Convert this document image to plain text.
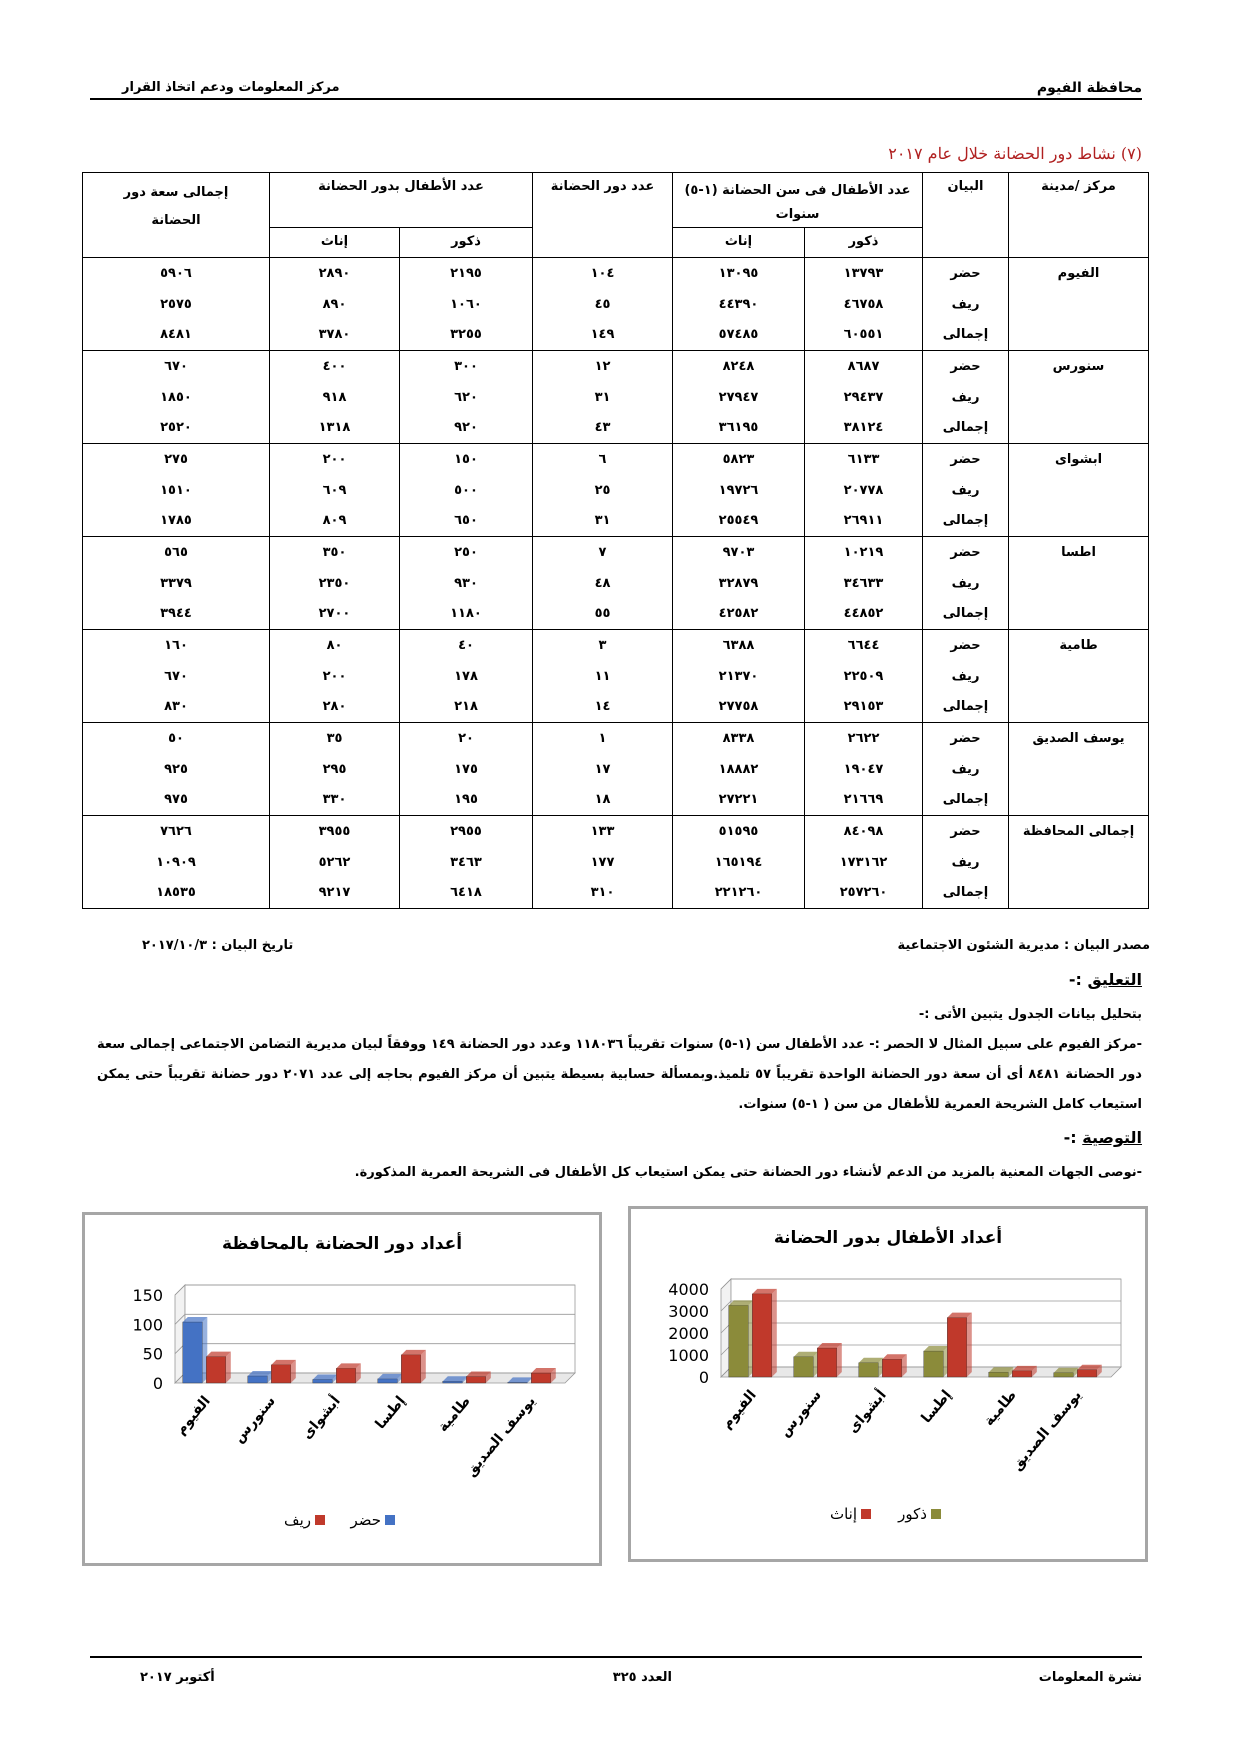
محافظة الفيوم
مركز المعلومات ودعم اتخاذ القرار
(٧) نشاط دور الحضانة خلال عام ٢٠١٧
مركز /مدينة	البيان	عدد الأطفال فى سن الحضانة (١-٥) سنوات		عدد دور الحضانة	عدد الأطفال بدور الحضانة		إجمالى سعة دور الحضانة
		ذكور	إناث		ذكور	إناث	
الفيوم	حضر	١٣٧٩٣	١٣٠٩٥	١٠٤	٢١٩٥	٢٨٩٠	٥٩٠٦
	ريف	٤٦٧٥٨	٤٤٣٩٠	٤٥	١٠٦٠	٨٩٠	٢٥٧٥
	إجمالى	٦٠٥٥١	٥٧٤٨٥	١٤٩	٣٢٥٥	٣٧٨٠	٨٤٨١
سنورس	حضر	٨٦٨٧	٨٢٤٨	١٢	٣٠٠	٤٠٠	٦٧٠
	ريف	٢٩٤٣٧	٢٧٩٤٧	٣١	٦٢٠	٩١٨	١٨٥٠
	إجمالى	٣٨١٢٤	٣٦١٩٥	٤٣	٩٢٠	١٣١٨	٢٥٢٠
ابشواى	حضر	٦١٣٣	٥٨٢٣	٦	١٥٠	٢٠٠	٢٧٥
	ريف	٢٠٧٧٨	١٩٧٢٦	٢٥	٥٠٠	٦٠٩	١٥١٠
	إجمالى	٢٦٩١١	٢٥٥٤٩	٣١	٦٥٠	٨٠٩	١٧٨٥
اطسا	حضر	١٠٢١٩	٩٧٠٣	٧	٢٥٠	٣٥٠	٥٦٥
	ريف	٣٤٦٣٣	٣٢٨٧٩	٤٨	٩٣٠	٢٣٥٠	٣٣٧٩
	إجمالى	٤٤٨٥٢	٤٢٥٨٢	٥٥	١١٨٠	٢٧٠٠	٣٩٤٤
طامية	حضر	٦٦٤٤	٦٣٨٨	٣	٤٠	٨٠	١٦٠
	ريف	٢٢٥٠٩	٢١٣٧٠	١١	١٧٨	٢٠٠	٦٧٠
	إجمالى	٢٩١٥٣	٢٧٧٥٨	١٤	٢١٨	٢٨٠	٨٣٠
يوسف الصديق	حضر	٢٦٢٢	٨٣٣٨	١	٢٠	٣٥	٥٠
	ريف	١٩٠٤٧	١٨٨٨٢	١٧	١٧٥	٢٩٥	٩٢٥
	إجمالى	٢١٦٦٩	٢٧٢٢١	١٨	١٩٥	٣٣٠	٩٧٥
إجمالى المحافظة	حضر	٨٤٠٩٨	٥١٥٩٥	١٣٣	٢٩٥٥	٣٩٥٥	٧٦٢٦
	ريف	١٧٣١٦٢	١٦٥١٩٤	١٧٧	٣٤٦٣	٥٢٦٢	١٠٩٠٩
	إجمالى	٢٥٧٢٦٠	٢٢١٢٦٠	٣١٠	٦٤١٨	٩٢١٧	١٨٥٣٥
مصدر البيان : مديرية الشئون الاجتماعية
تاريخ البيان : ٢٠١٧/١٠/٣
التعليق :-
بتحليل بيانات الجدول يتبين الأتى :-
-مركز الفيوم على سبيل المثال لا الحصر :- عدد الأطفال سن (١-٥) سنوات تقريباً ١١٨٠٣٦ وعدد دور الحضانة ١٤٩ ووفقاً لبيان مديرية التضامن الاجتماعى إجمالى سعة دور الحضانة ٨٤٨١ أى أن سعة دور الحضانة الواحدة تقريباً ٥٧ تلميذ.وبمسألة حسابية بسيطة يتبين أن مركز الفيوم بحاجه إلى عدد ٢٠٧١ دور حضانة تقريباً حتى يمكن استيعاب كامل الشريحة العمرية للأطفال من سن ( ١-٥) سنوات.
التوصية :-
-نوصى الجهات المعنية بالمزيد من الدعم لأنشاء دور الحضانة حتى يمكن استيعاب كل الأطفال فى الشريحة العمرية المذكورة.
أعداد دور الحضانة بالمحافظة
150
100
50
0
الفيوم سنورس أبشواى إطسا طامية
يوسف الصديق
حضر
ريف
أعداد الأطفال بدور الحضانة
4000
3000
2000
1000
0
الفيوم سنورس أبشواى إطسا طامية
يوسف الصديق
ذكور
إناث
نشرة المعلومات
العدد ٣٢٥
أكتوبر ٢٠١٧
